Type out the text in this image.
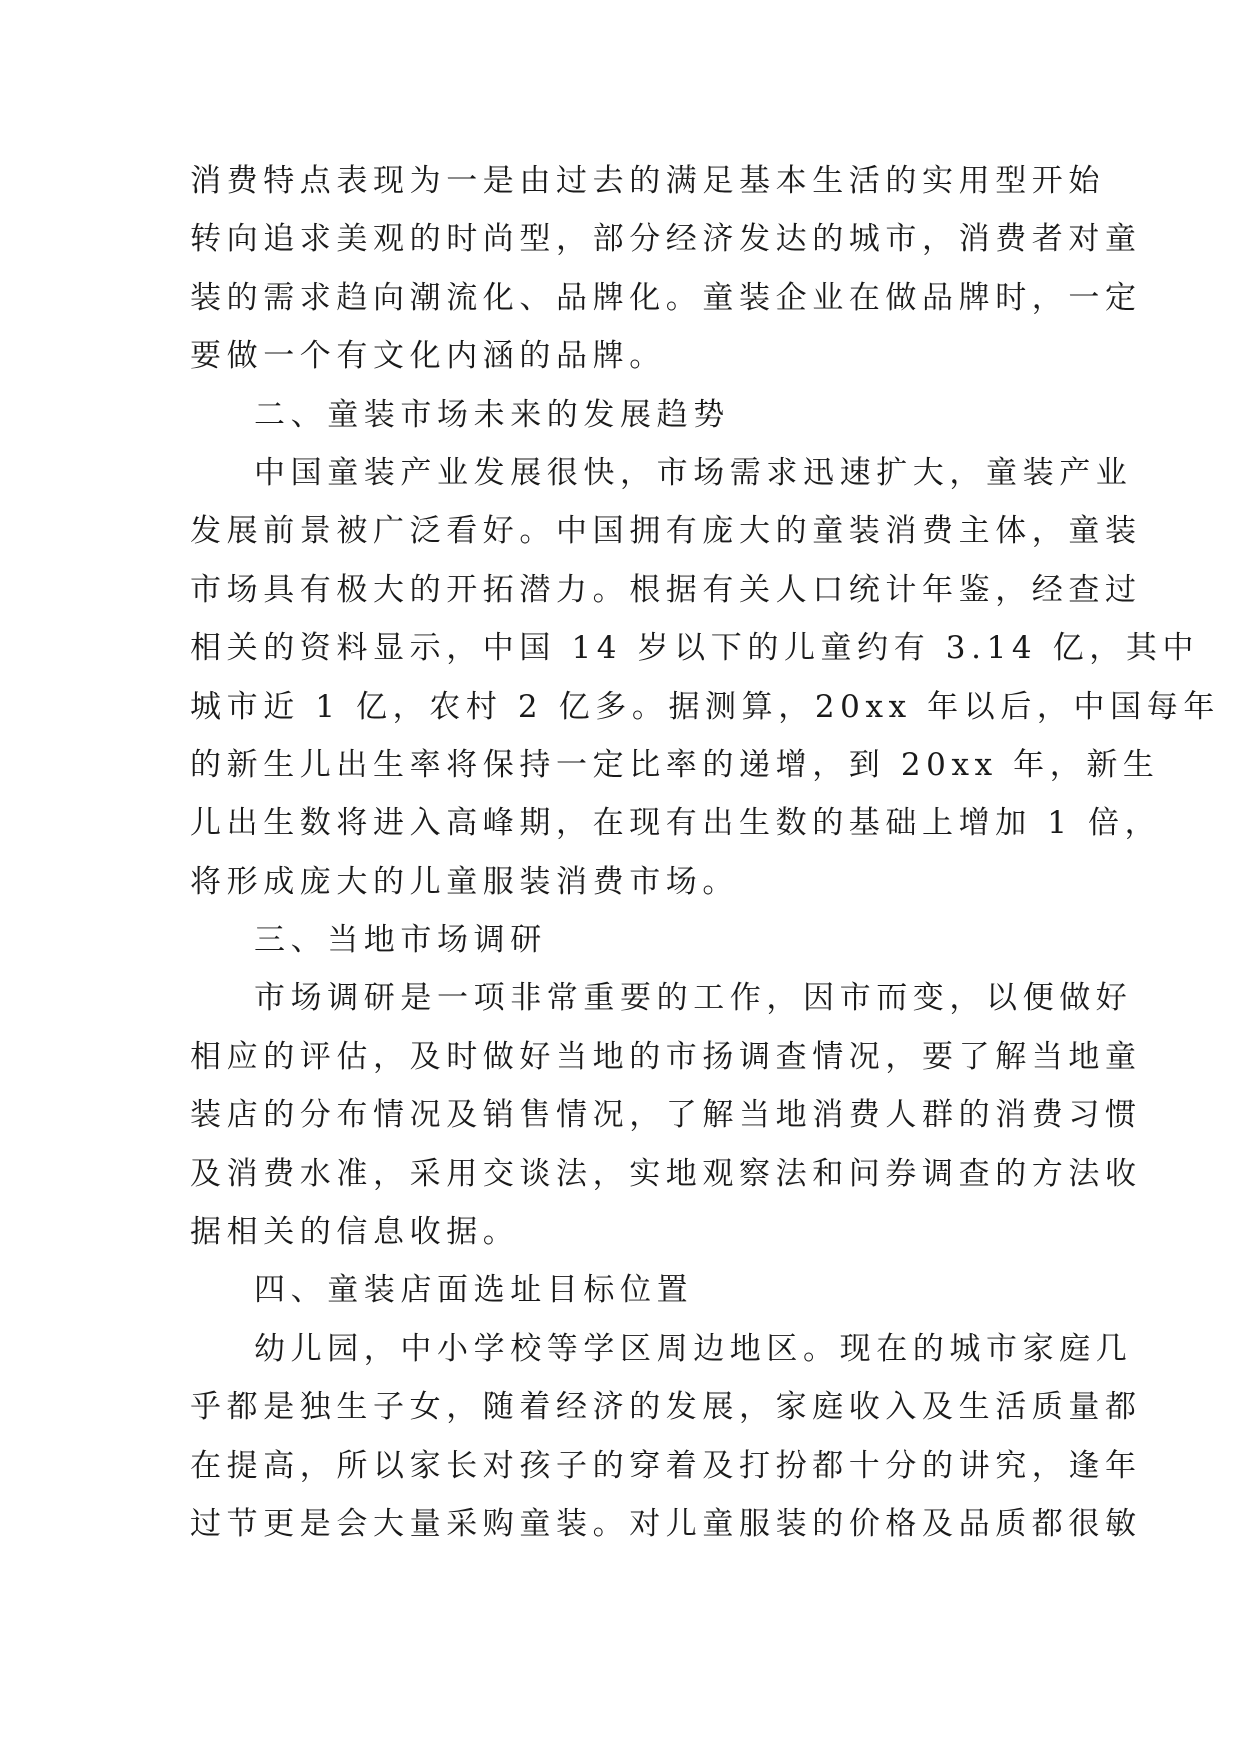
消费特点表现为一是由过去的满足基本生活的实用型开始
转向追求美观的时尚型，部分经济发达的城市，消费者对童
装的需求趋向潮流化、品牌化。童装企业在做品牌时，一定
要做一个有文化内涵的品牌。
二、童装市场未来的发展趋势
中国童装产业发展很快，市场需求迅速扩大，童装产业
发展前景被广泛看好。中国拥有庞大的童装消费主体，童装
市场具有极大的开拓潜力。根据有关人口统计年鉴，经查过
相关的资料显示，中国 14 岁以下的儿童约有 3.14 亿，其中
城市近 1 亿，农村 2 亿多。据测算，20xx 年以后，中国每年
的新生儿出生率将保持一定比率的递增，到 20xx 年，新生
儿出生数将进入高峰期，在现有出生数的基础上增加 1 倍，
将形成庞大的儿童服装消费市场。
三、当地市场调研
市场调研是一项非常重要的工作，因市而变，以便做好
相应的评估，及时做好当地的市扬调查情况，要了解当地童
装店的分布情况及销售情况，了解当地消费人群的消费习惯
及消费水准，采用交谈法，实地观察法和问券调查的方法收
据相关的信息收据。
四、童装店面选址目标位置
幼儿园，中小学校等学区周边地区。现在的城市家庭几
乎都是独生子女，随着经济的发展，家庭收入及生活质量都
在提高，所以家长对孩子的穿着及打扮都十分的讲究，逢年
过节更是会大量采购童装。对儿童服装的价格及品质都很敏
